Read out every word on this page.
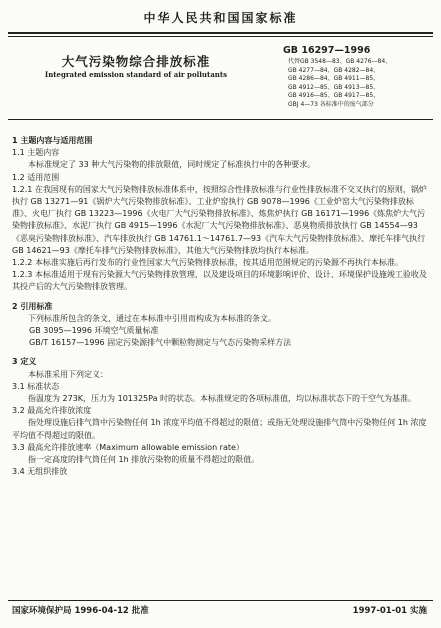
中华人民共和国国家标准
GB 16297—1996
代替GB 3548—83、GB 4276—84、
GB 4277—84、GB 4282—84、
GB 4286—84、GB 4911—85、
GB 4912—85、GB 4913—85、
GB 4916—85、GB 4917—85、
GBJ 4—73 各标准中的废气部分
大气污染物综合排放标准
Integrated emission standard of air pollutants

1 主题内容与适用范围

1.1 主题内容

本标准规定了 33 种大气污染物的排放限值，同时规定了标准执行中的各种要求。

1.2 适用范围

1.2.1 在我国现有的国家大气污染物排放标准体系中，按照综合性排放标准与行业性排放标准不交叉执行的原则，锅炉执行 GB 13271—91《锅炉大气污染物排放标准》、工业炉窑执行 GB 9078—1996《工业炉窑大气污染物排放标准》、火电厂执行 GB 13223—1996《火电厂大气污染物排放标准》、炼焦炉执行 GB 16171—1996《炼焦炉大气污染物排放标准》、水泥厂执行 GB 4915—1996《水泥厂大气污染物排放标准》、恶臭物质排放执行 GB 14554—93《恶臭污染物排放标准》、汽车排放执行 GB 14761.1～14761.7—93《汽车大气污染物排放标准》、摩托车排气执行 GB 14621—93《摩托车排气污染物排放标准》，其他大气污染物排放均执行本标准。

1.2.2 本标准实施后再行发布的行业性国家大气污染物排放标准，按其适用范围规定的污染源不再执行本标准。

1.2.3 本标准适用于现有污染源大气污染物排放管理，以及建设项目的环境影响评价、设计、环境保护设施竣工验收及其投产后的大气污染物排放管理。

2 引用标准

下列标准所包含的条文，通过在本标准中引用而构成为本标准的条文。

GB 3095—1996 环境空气质量标准

GB/T 16157—1996 固定污染源排气中颗粒物测定与气态污染物采样方法

3 定义

本标准采用下列定义：

3.1 标准状态

指温度为 273K，压力为 101325Pa 时的状态。本标准规定的各项标准值，均以标准状态下的干空气为基准。

3.2 最高允许排放浓度

指处理设施后排气筒中污染物任何 1h 浓度平均值不得超过的限值；或指无处理设施排气筒中污染物任何 1h 浓度平均值不得超过的限值。

3.3 最高允许排放速率（Maximum allowable emission rate）

指一定高度的排气筒任何 1h 排放污染物的质量不得超过的限值。

3.4 无组织排放

国家环境保护局 1996-04-12 批准	1997-01-01 实施
